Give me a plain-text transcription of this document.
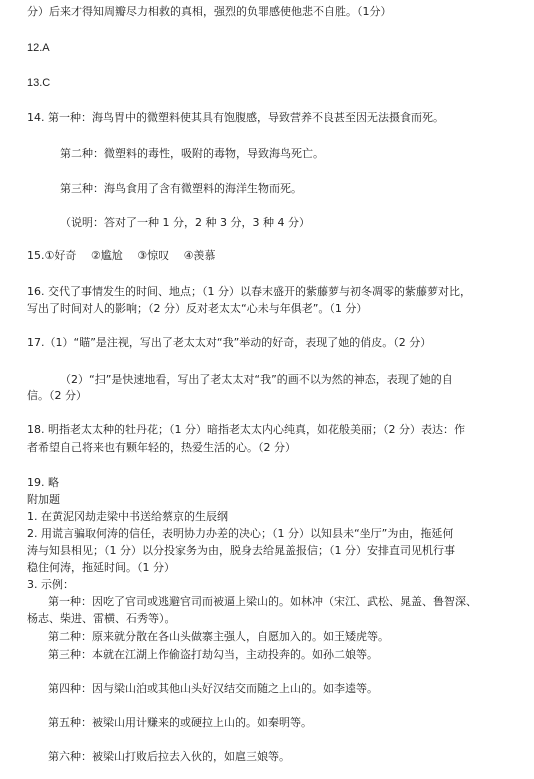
分）后来才得知周瓣尽力相救的真相，强烈的负罪感使他悲不自胜。（1分）
12.A
13.C
14. 第一种：海鸟胃中的微塑料使其具有饱腹感，导致营养不良甚至因无法摄食而死。
第二种：微塑料的毒性，吸附的毒物，导致海鸟死亡。
第三种：海鸟食用了含有微塑料的海洋生物而死。
（说明：答对了一种 1 分，2 种 3 分，3 种 4 分）
15.①好奇　 ②尴尬　 ③惊叹　 ④羡慕
16. 交代了事情发生的时间、地点；（1 分）以春末盛开的紫藤萝与初冬凋零的紫藤萝对比，
写出了时间对人的影响；（2 分）反对老太太“心未与年俱老”。（1 分）
17.（1）“瞄”是注视，写出了老太太对“我”举动的好奇，表现了她的俏皮。（2 分）
（2）“扫”是快速地看，写出了老太太对“我”的画不以为然的神态，表现了她的自
信。（2 分）
18. 明指老太太种的牡丹花；（1 分）暗指老太太内心纯真，如花般美丽；（2 分）表达：作
者希望自己将来也有颗年轻的，热爱生活的心。（2 分）
19. 略
附加题
1. 在黄泥冈劫走梁中书送给蔡京的生辰纲
2. 用谎言骗取何涛的信任，表明协力办差的决心；（1 分）以知县未“坐厅”为由，拖延何
涛与知县相见；（1 分）以分投家务为由，脱身去给晁盖报信；（1 分）安排直司见机行事
稳住何涛，拖延时间。（1 分）
3. 示例：
第一种：因吃了官司或逃避官司而被逼上梁山的。如林冲（宋江、武松、晁盖、鲁智深、
杨志、柴进、雷横、石秀等）。
第二种：原来就分散在各山头做寨主强人，自愿加入的。如王矮虎等。
第三种：本就在江湖上作偷盗打劫勾当，主动投奔的。如孙二娘等。
第四种：因与梁山泊或其他山头好汉结交而随之上山的。如李逵等。
第五种：被梁山用计赚来的或硬拉上山的。如秦明等。
第六种：被梁山打败后拉去入伙的，如扈三娘等。
